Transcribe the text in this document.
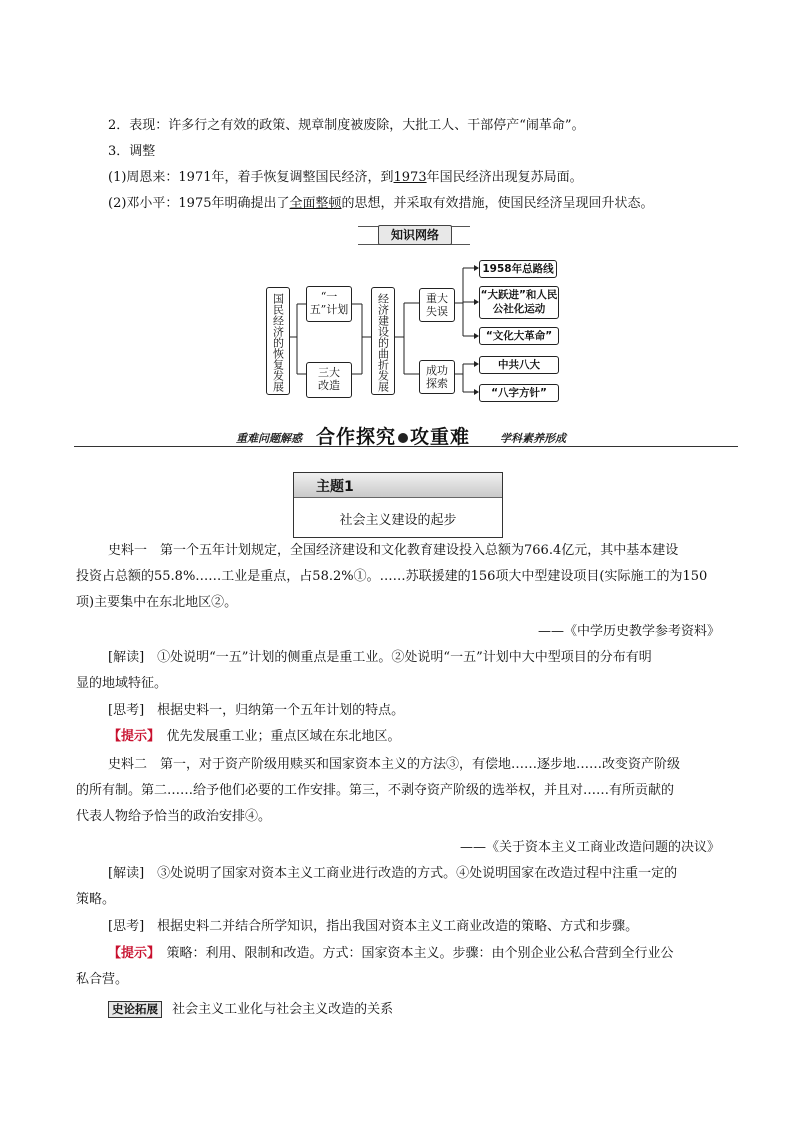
2．表现：许多行之有效的政策、规章制度被废除，大批工人、干部停产“闹革命”。
3．调整
(1)周恩来：1971年，着手恢复调整国民经济，到1973年国民经济出现复苏局面。
(2)邓小平：1975年明确提出了全面整顿的思想，并采取有效措施，使国民经济呈现回升状态。
知识网络
国民经济的恢复发展	“一五”计划
三大改造	经济建设的曲折发展	重大失误
成功探索
1958年总路线
“大跃进”和人民公社化运动
“文化大革命”
中共八大
“八字方针”
重难问题解惑 合作探究 攻重难	学科素养形成
主题1
社会主义建设的起步
史料一　第一个五年计划规定，全国经济建设和文化教育建设投入总额为766.4亿元，其中基本建设
投资占总额的55.8%……工业是重点，占58.2%①。……苏联援建的156项大中型建设项目(实际施工的为150
项)主要集中在东北地区②。
——《中学历史教学参考资料》
[解读]　①处说明“一五”计划的侧重点是重工业。②处说明“一五”计划中大中型项目的分布有明
显的地域特征。
[思考]　根据史料一，归纳第一个五年计划的特点。
【提示】　优先发展重工业；重点区域在东北地区。
史料二　第一，对于资产阶级用赎买和国家资本主义的方法③，有偿地……逐步地……改变资产阶级
的所有制。第二……给予他们必要的工作安排。第三，不剥夺资产阶级的选举权，并且对……有所贡献的
代表人物给予恰当的政治安排④。
——《关于资本主义工商业改造问题的决议》
[解读]　③处说明了国家对资本主义工商业进行改造的方式。④处说明国家在改造过程中注重一定的
策略。
[思考]　根据史料二并结合所学知识，指出我国对资本主义工商业改造的策略、方式和步骤。
【提示】　策略：利用、限制和改造。方式：国家资本主义。步骤：由个别企业公私合营到全行业公
私合营。
史论拓展 社会主义工业化与社会主义改造的关系
